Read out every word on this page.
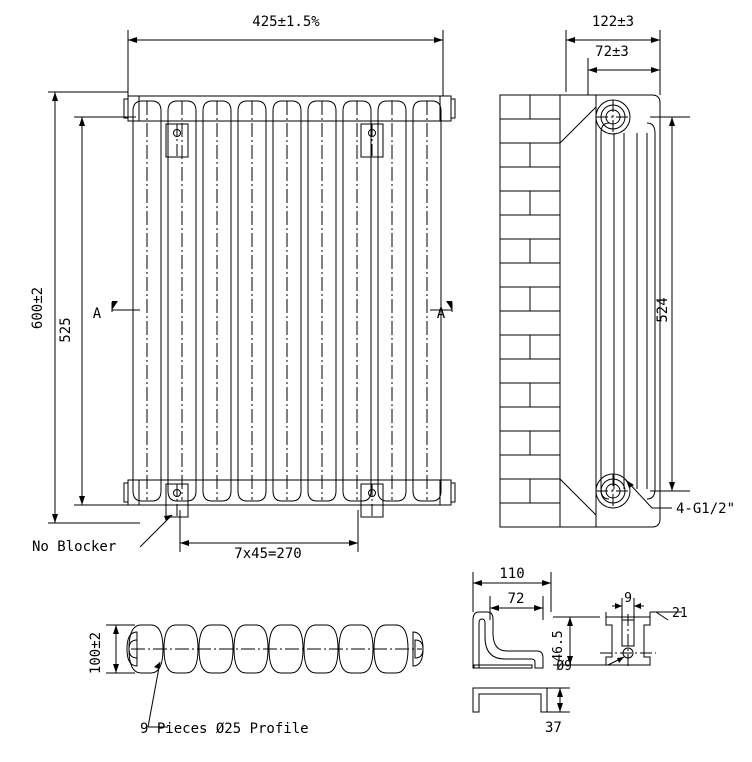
425±1.5%
600±2
525
7x45=270
A	A
No Blocker
122±3
72±3
524
4-G1/2"
100±2
9 Pieces Ø25 Profile
110
72
46.5
9
21
Ø9
37
